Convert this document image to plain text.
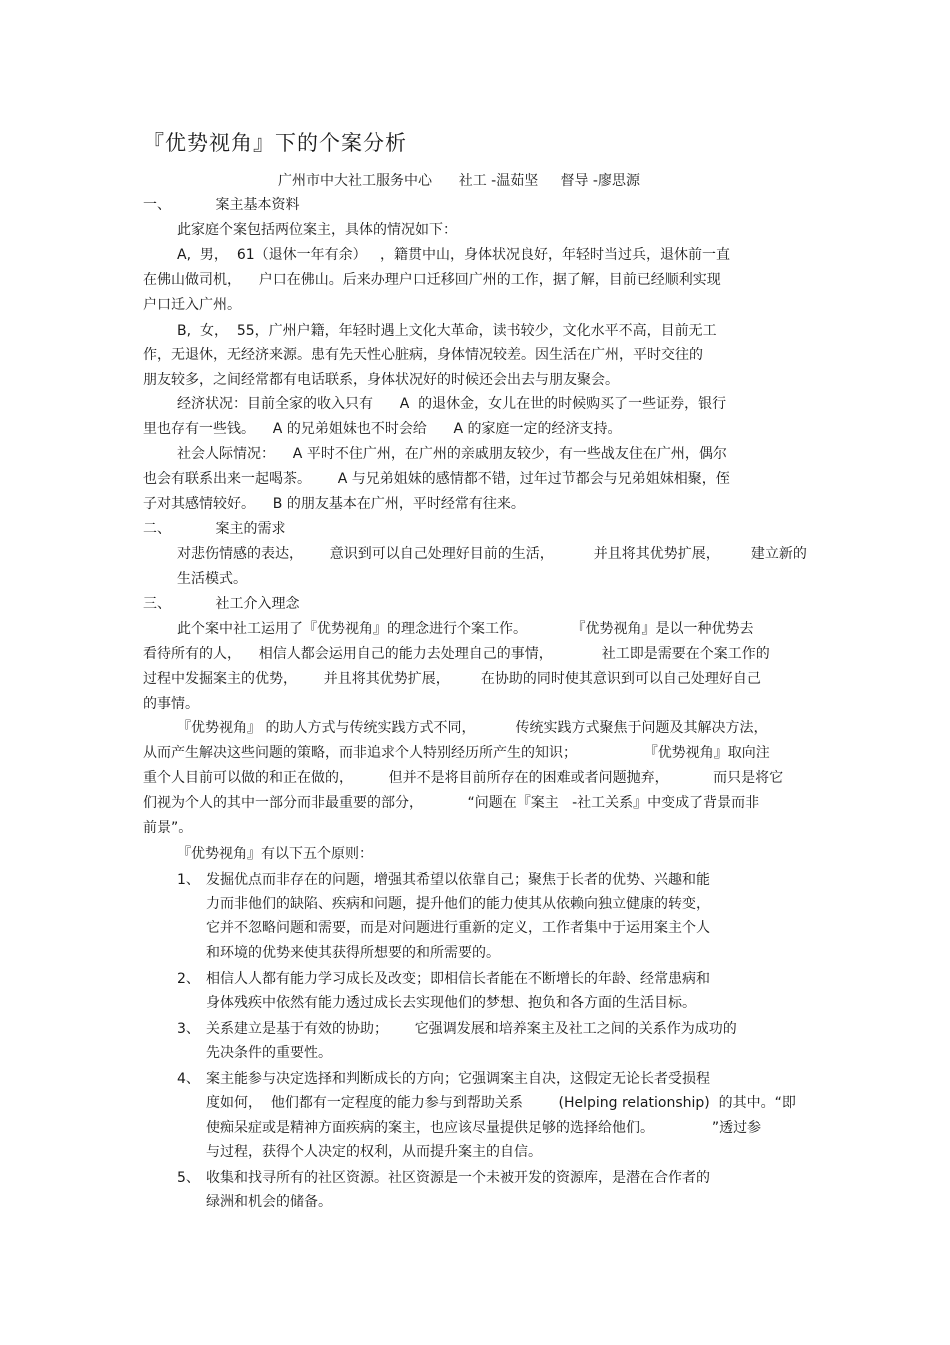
『优势视角』下的个案分析
广州市中大社工服务中心      社工 -温茹坚     督导 -廖思源
一、          案主基本资料
此家庭个案包括两位案主，具体的情况如下：
A,  男，  61（退休一年有余）   ，籍贯中山，身体状况良好，年轻时当过兵，退休前一直
在佛山做司机，    户口在佛山。后来办理户口迁移回广州的工作，据了解，目前已经顺利实现
户口迁入广州。
B,  女，  55，广州户籍，年轻时遇上文化大革命，读书较少，文化水平不高，目前无工
作，无退休，无经济来源。患有先天性心脏病，身体情况较差。因生活在广州，平时交往的
朋友较多，之间经常都有电话联系，身体状况好的时候还会出去与朋友聚会。
经济状况：目前全家的收入只有      A  的退休金，女儿在世的时候购买了一些证券，银行
里也存有一些钱。    A 的兄弟姐妹也不时会给      A 的家庭一定的经济支持。
社会人际情况：    A 平时不住广州，在广州的亲戚朋友较少，有一些战友住在广州，偶尔
也会有联系出来一起喝茶。      A 与兄弟姐妹的感情都不错，过年过节都会与兄弟姐妹相聚，侄
子对其感情较好。    B 的朋友基本在广州，平时经常有往来。
二、          案主的需求
对悲伤情感的表达，      意识到可以自己处理好目前的生活，         并且将其优势扩展，       建立新的
生活模式。
三、          社工介入理念
此个案中社工运用了『优势视角』的理念进行个案工作。          『优势视角』是以一种优势去
看待所有的人，    相信人都会运用自己的能力去处理自己的事情，           社工即是需要在个案工作的
过程中发掘案主的优势，      并且将其优势扩展，       在协助的同时使其意识到可以自己处理好自己
的事情。
『优势视角』 的助人方式与传统实践方式不同，         传统实践方式聚焦于问题及其解决方法，
从而产生解决这些问题的策略，而非追求个人特别经历所产生的知识；               『优势视角』取向注
重个人目前可以做的和正在做的，        但并不是将目前所存在的困难或者问题抛弃，          而只是将它
们视为个人的其中一部分而非最重要的部分，          “问题在『案主   -社工关系』中变成了背景而非
前景”。
『优势视角』有以下五个原则：
1、 发掘优点而非存在的问题，增强其希望以依靠自己；聚焦于长者的优势、兴趣和能
力而非他们的缺陷、疾病和问题，提升他们的能力使其从依赖向独立健康的转变，
它并不忽略问题和需要，而是对问题进行重新的定义，工作者集中于运用案主个人
和环境的优势来使其获得所想要的和所需要的。
2、 相信人人都有能力学习成长及改变；即相信长者能在不断增长的年龄、经常患病和
身体残疾中依然有能力透过成长去实现他们的梦想、抱负和各方面的生活目标。
3、 关系建立是基于有效的协助；      它强调发展和培养案主及社工之间的关系作为成功的
先决条件的重要性。
4、 案主能参与决定选择和判断成长的方向；它强调案主自决，这假定无论长者受损程
度如何，  他们都有一定程度的能力参与到帮助关系        (Helping relationship)  的其中。“即
使痴呆症或是精神方面疾病的案主，也应该尽量提供足够的选择给他们。             ”透过参
与过程，获得个人决定的权利，从而提升案主的自信。
5、 收集和找寻所有的社区资源。社区资源是一个未被开发的资源库，是潜在合作者的
绿洲和机会的储备。
